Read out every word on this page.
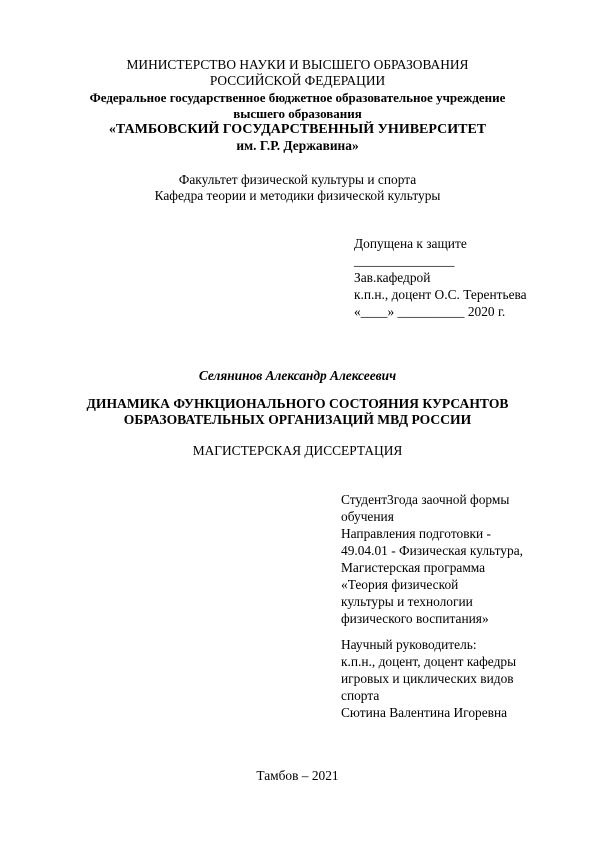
МИНИСТЕРСТВО НАУКИ И ВЫСШЕГО ОБРАЗОВАНИЯ
РОССИЙСКОЙ ФЕДЕРАЦИИ
Федеральное государственное бюджетное образовательное учреждение
высшего образования
«ТАМБОВСКИЙ ГОСУДАРСТВЕННЫЙ УНИВЕРСИТЕТ
им. Г.Р. Державина»
Факультет физической культуры и спорта
Кафедра теории и методики физической культуры
Допущена к защите
_______________
Зав.кафедрой
к.п.н., доцент О.С. Терентьева
«____» __________ 2020 г.
Селянинов Александр Алексеевич
ДИНАМИКА ФУНКЦИОНАЛЬНОГО СОСТОЯНИЯ КУРСАНТОВ
ОБРАЗОВАТЕЛЬНЫХ ОРГАНИЗАЦИЙ МВД РОССИИ
МАГИСТЕРСКАЯ ДИССЕРТАЦИЯ
Студент3года заочной формы
обучения
Направления подготовки -
49.04.01 - Физическая культура,
Магистерская программа
«Теория физической
культуры и технологии
физического воспитания»
Научный руководитель:
к.п.н., доцент, доцент кафедры
игровых и циклических видов
спорта
Сютина Валентина Игоревна
Тамбов – 2021
